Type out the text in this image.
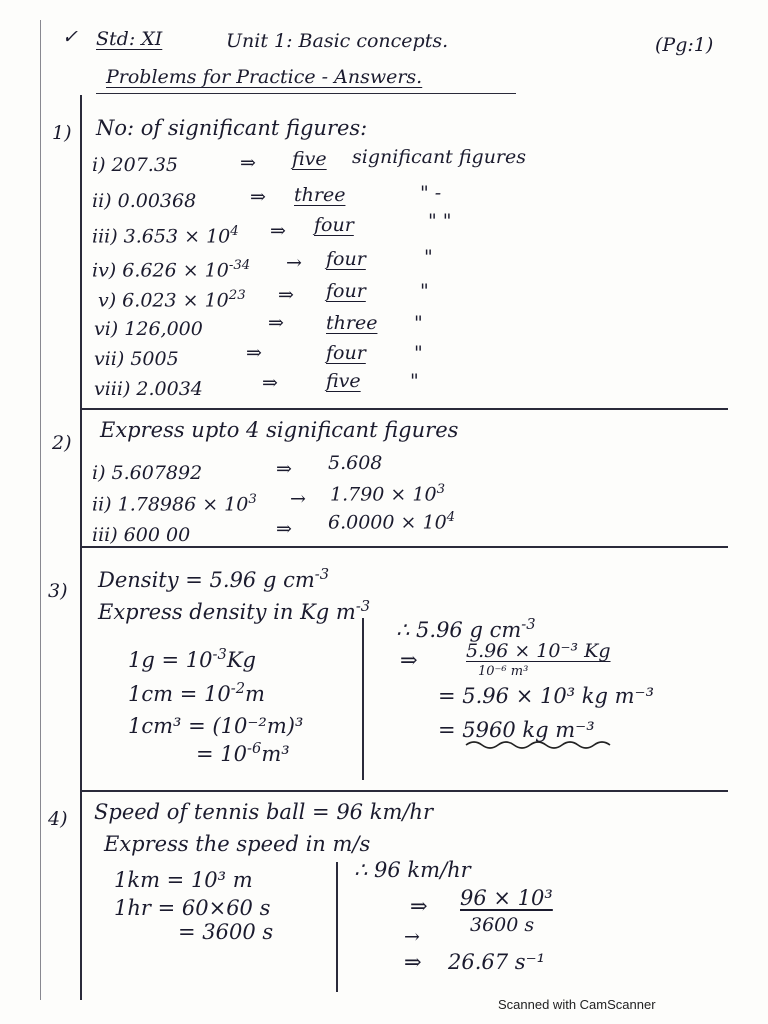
✓ Std: XI	Unit 1: Basic concepts.	(Pg:1)
Problems for Practice - Answers.
1) No: of significant figures:
i) 207.35	⇒ five significant figures
ii) 0.00368	⇒ three	" -
iii) $3.653 \times 10^4$ ⇒ four	" "
iv) $6.626 \times 10^{-34}$ → four	"
v) $6.023 \times 10^{23}$ ⇒ four	"
vi) 126,000	⇒ three "
vii) 5005	⇒	four	"
viii) 2.0034	⇒	five	"
2)
Express upto 4 significant figures
i) 5.607892	⇒ 5.608
ii) $1.78986 \times 10^3 \to 1.790 \times 10^3$
iii) 600 00	⇒ $6.0000 \times 10^4$
3) Density = 5.96 g $cm^{-3}$
Express density in Kg $m^{-3}$
$1g = 10^{-3}Kg$
$1cm = 10^{-2}m$
1cm³ = (10⁻²m)³
= $10^{-6}m^3$
∴ 5.96 g $cm^{-3}$
⇒	5.96 × 10⁻³ Kg
10⁻⁶ m³
= 5.96 × 10³ kg m⁻³
= 5960 kg m⁻³
4) Speed of tennis ball = 96 km/hr
Express the speed in m/s
1km = 10³ m
1hr = 60×60 s
= 3600 s
∴ 96 km/hr
⇒ 96 × 10³
3600 s
→
⇒ 26.67 s⁻¹
Scanned with CamScanner
